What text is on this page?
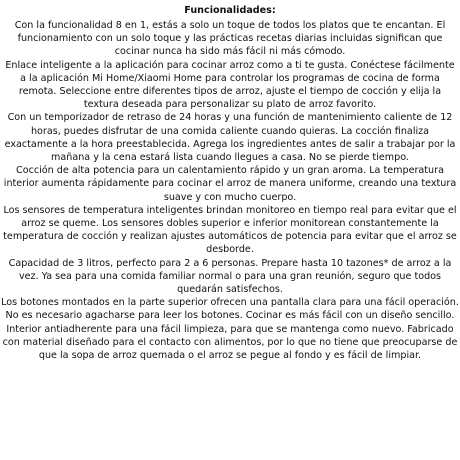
Funcionalidades:

Con la funcionalidad 8 en 1, estás a solo un toque de todos los platos que te encantan. El funcionamiento con un solo toque y las prácticas recetas diarias incluidas significan que cocinar nunca ha sido más fácil ni más cómodo.

Enlace inteligente a la aplicación para cocinar arroz como a ti te gusta. Conéctese fácilmente a la aplicación Mi Home/Xiaomi Home para controlar los programas de cocina de forma remota. Seleccione entre diferentes tipos de arroz, ajuste el tiempo de cocción y elija la textura deseada para personalizar su plato de arroz favorito.

Con un temporizador de retraso de 24 horas y una función de mantenimiento caliente de 12 horas, puedes disfrutar de una comida caliente cuando quieras. La cocción finaliza exactamente a la hora preestablecida. Agrega los ingredientes antes de salir a trabajar por la mañana y la cena estará lista cuando llegues a casa. No se pierde tiempo.

Cocción de alta potencia para un calentamiento rápido y un gran aroma. La temperatura interior aumenta rápidamente para cocinar el arroz de manera uniforme, creando una textura suave y con mucho cuerpo.

Los sensores de temperatura inteligentes brindan monitoreo en tiempo real para evitar que el arroz se queme. Los sensores dobles superior e inferior monitorean constantemente la temperatura de cocción y realizan ajustes automáticos de potencia para evitar que el arroz se desborde.

Capacidad de 3 litros, perfecto para 2 a 6 personas. Prepare hasta 10 tazones* de arroz a la vez. Ya sea para una comida familiar normal o para una gran reunión, seguro que todos quedarán satisfechos.

Los botones montados en la parte superior ofrecen una pantalla clara para una fácil operación. No es necesario agacharse para leer los botones. Cocinar es más fácil con un diseño sencillo.

Interior antiadherente para una fácil limpieza, para que se mantenga como nuevo. Fabricado con material diseñado para el contacto con alimentos, por lo que no tiene que preocuparse de que la sopa de arroz quemada o el arroz se pegue al fondo y es fácil de limpiar.
